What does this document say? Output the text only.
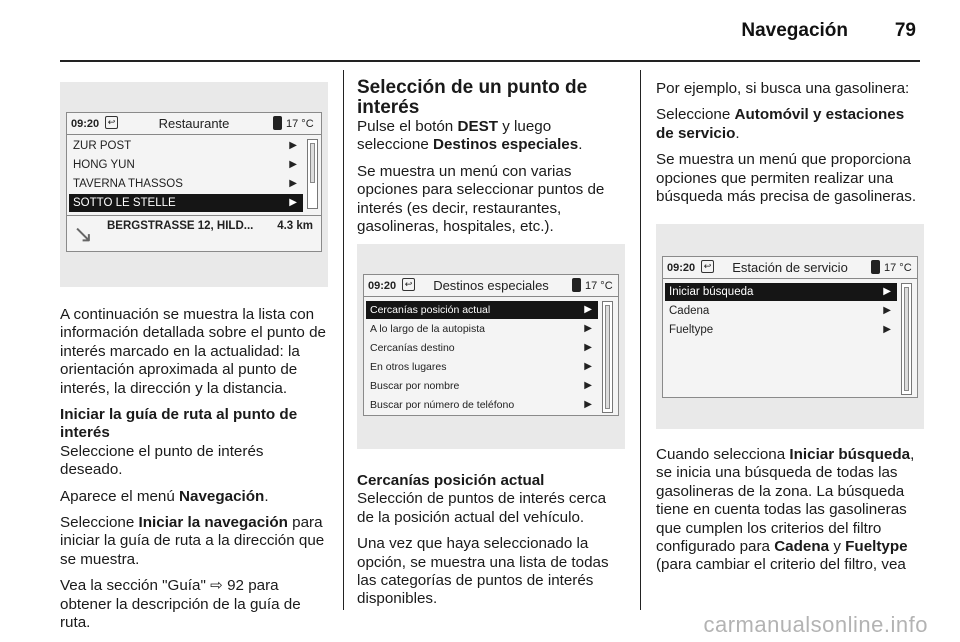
Navegación 79
09:20 ↩	Restaurante	17 °C
ZUR POST	▶
HONG YUN	▶
TAVERNA THASSOS	▶
SOTTO LE STELLE	▶
↘ BERGSTRASSE 12, HILD... 4.3 km

A continuación se muestra la lista con información detallada sobre el punto de interés marcado en la actualidad: la orientación aproximada al punto de interés, la dirección y la distancia.

Iniciar la guía de ruta al punto de interés

Seleccione el punto de interés deseado.

Aparece el menú Navegación.

Seleccione Iniciar la navegación para iniciar la guía de ruta a la dirección que se muestra.

Vea la sección "Guía" ⇨ 92 para obtener la descripción de la guía de ruta.

Selección de un punto de interés

Pulse el botón DEST y luego seleccione Destinos especiales.

Se muestra un menú con varias opciones para seleccionar puntos de interés (es decir, restaurantes, gasolineras, hospitales, etc.).

09:20 ↩	Destinos especiales	17 °C
Cercanías posición actual	▶
A lo largo de la autopista	▶
Cercanías destino	▶
En otros lugares	▶
Buscar por nombre	▶
Buscar por número de teléfono	▶
Cercanías posición actual

Selección de puntos de interés cerca de la posición actual del vehículo.

Una vez que haya seleccionado la opción, se muestra una lista de todas las categorías de puntos de interés disponibles.

Por ejemplo, si busca una gasolinera:

Seleccione Automóvil y estaciones de servicio.

Se muestra un menú que proporciona opciones que permiten realizar una búsqueda más precisa de gasolineras.

09:20 ↩	Estación de servicio	17 °C
Iniciar búsqueda	▶
Cadena	▶
Fueltype	▶

Cuando selecciona Iniciar búsqueda, se inicia una búsqueda de todas las gasolineras de la zona. La búsqueda tiene en cuenta todas las gasolineras que cumplen los criterios del filtro configurado para Cadena y Fueltype (para cambiar el criterio del filtro, vea

carmanualsonline.info
